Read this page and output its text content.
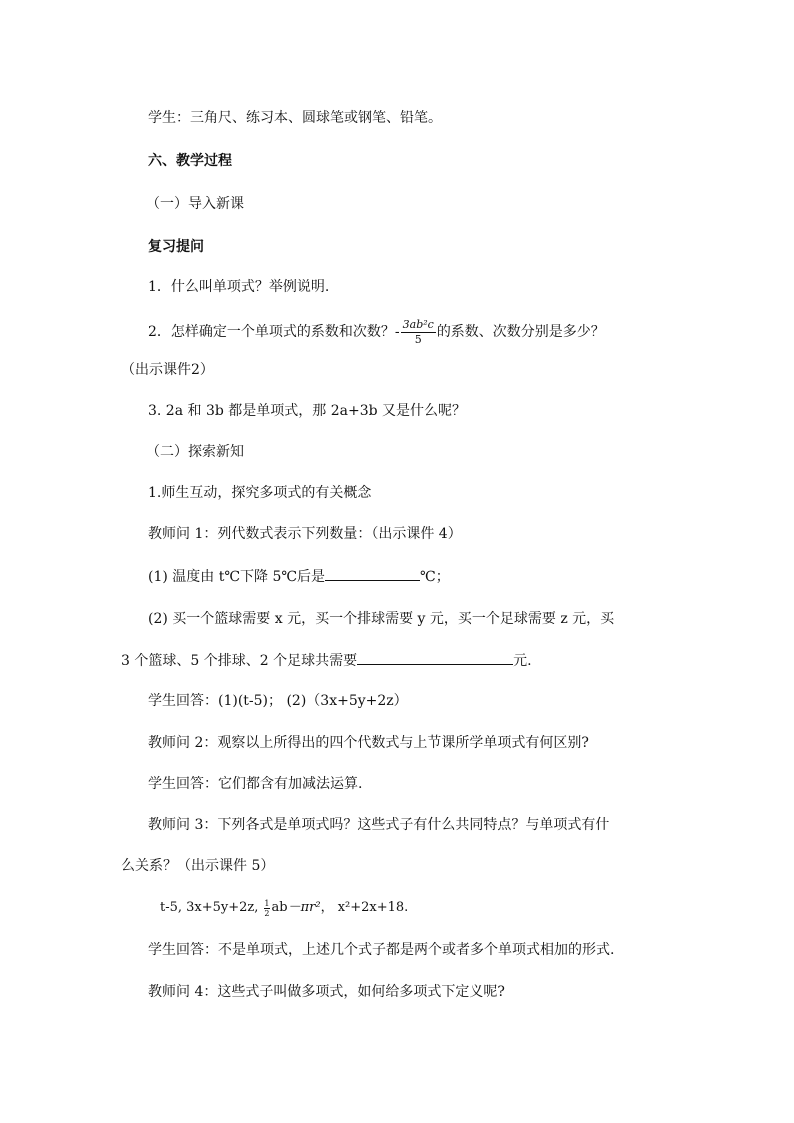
学生：三角尺、练习本、圆球笔或钢笔、铅笔。
六、教学过程
（一）导入新课
复习提问
1．什么叫单项式？举例说明.
2．怎样确定一个单项式的系数和次数？ - $\frac{\text{3ab²c}}{5}$ 的系数、次数分别是多少？
（出示课件2）
3. 2a 和 3b 都是单项式，那 2a+3b 又是什么呢？
（二）探索新知
1.师生互动，探究多项式的有关概念
教师问 1：列代数式表示下列数量：（出示课件 4）
(1) 温度由 t℃下降 5℃后是	℃；
(2) 买一个篮球需要 x 元，买一个排球需要 y 元，买一个足球需要 z 元，买
3 个篮球、5 个排球、2 个足球共需要	元.
学生回答：(1)(t-5)； (2)（3x+5y+2z）
教师问 2：观察以上所得出的四个代数式与上节课所学单项式有何区别?
学生回答：它们都含有加减法运算.
教师问 3：下列各式是单项式吗？这些式子有什么共同特点？与单项式有什
么关系？（出示课件 5）
t-5, 3x+5y+2z, $\frac{1}{2}$ ab －πr² ， x²+2x+18.
学生回答：不是单项式，上述几个式子都是两个或者多个单项式相加的形式.
教师问 4：这些式子叫做多项式，如何给多项式下定义呢?
